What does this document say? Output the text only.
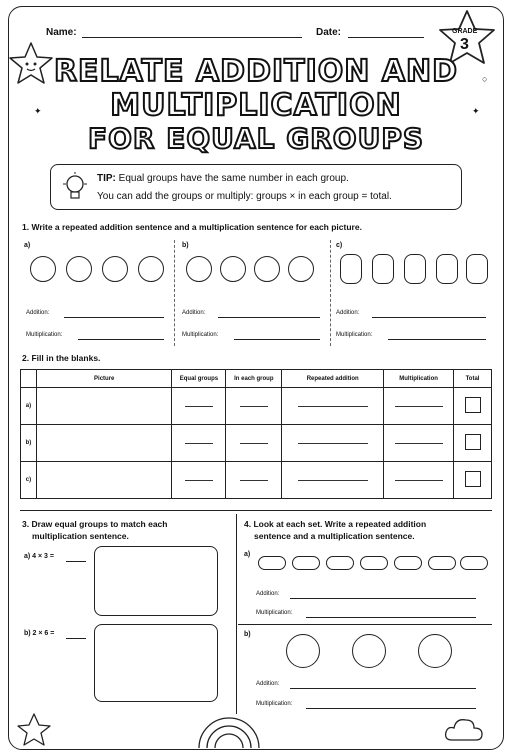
Name:	Date:	GRADE
3
RELATE ADDITION AND
MULTIPLICATION
FOR EQUAL GROUPS
✦	✦
○
TIP: Equal groups have the same number in each group.
You can add the groups or multiply: groups × in each group = total.
1. Write a repeated addition sentence and a multiplication sentence for each picture.
a)
Addition:
Multiplication:
b)
Addition:
Multiplication:
c)
Addition:
Multiplication:
2. Fill in the blanks.
	Picture	Equal groups	In each group	Repeated addition	Multiplication	Total
a)						
b)						
c)						
3. Draw equal groups to match each
multiplication sentence.
a) 4 × 3 =
b) 2 × 6 =
4. Look at each set. Write a repeated addition
sentence and a multiplication sentence.
a)
Addition:
Multiplication:
b)
Addition:
Multiplication:
